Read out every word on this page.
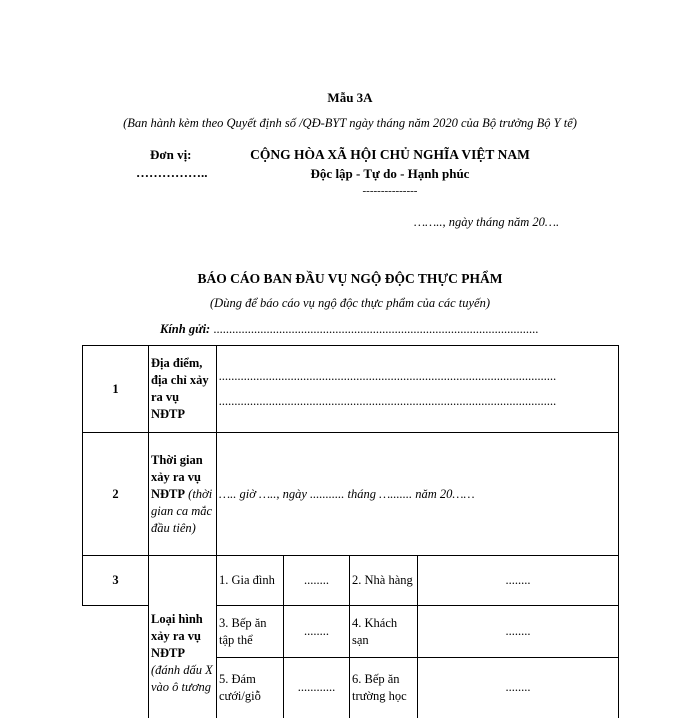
Mẫu 3A
(Ban hành kèm theo Quyết định số /QĐ-BYT ngày tháng năm 2020 của Bộ trưởng Bộ Y tế)
Đơn vị:
……………..
CỘNG HÒA XÃ HỘI CHỦ NGHĨA VIỆT NAM
Độc lập - Tự do - Hạnh phúc
---------------
…….., ngày tháng năm 20….
BÁO CÁO BAN ĐẦU VỤ NGỘ ĐỘC THỰC PHẨM
(Dùng để báo cáo vụ ngộ độc thực phẩm của các tuyến)
Kính gửi: ........................................................................................................
1	Địa điểm, địa chỉ xảy ra vụ NĐTP	............................................................................................................
............................................................................................................			

2	Thời gian xảy ra vụ NĐTP (thời gian ca mắc đầu tiên)	….. giờ ….., ngày ........... tháng …....... năm 20……			
3	Loại hình xảy ra vụ NĐTP (đánh dấu X vào ô tương	1. Gia đình	........	2. Nhà hàng	........
		3. Bếp ăn tập thể	........	4. Khách sạn	........
		5. Đám cưới/giỗ	............	6. Bếp ăn trường học	........
